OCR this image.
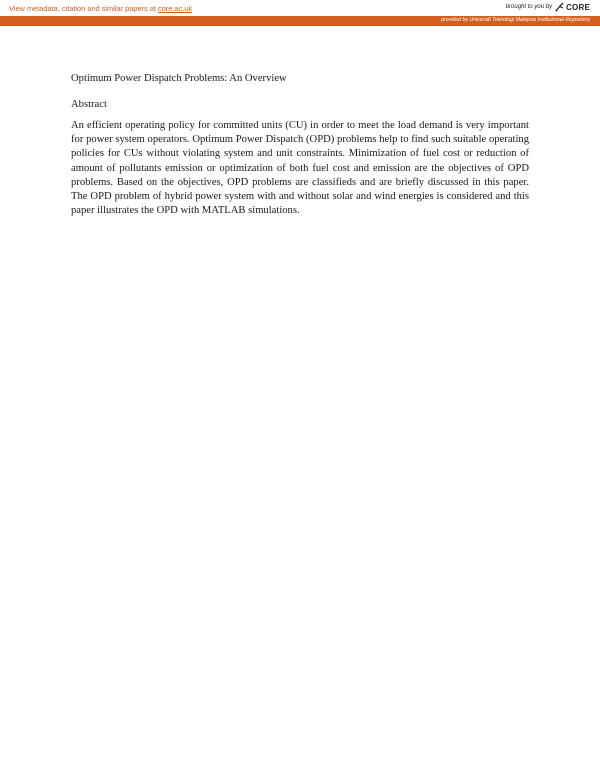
View metadata, citation and similar papers at core.ac.uk	brought to you by CORE
provided by Universiti Teknologi Malaysia Institutional Repository

Optimum Power Dispatch Problems: An Overview

Abstract

An efficient operating policy for committed units (CU) in order to meet the load demand is very important for power system operators. Optimum Power Dispatch (OPD) problems help to find such suitable operating policies for CUs without violating system and unit constraints. Minimization of fuel cost or reduction of amount of pollutants emission or optimization of both fuel cost and emission are the objectives of OPD problems. Based on the objectives, OPD problems are classifieds and are briefly discussed in this paper. The OPD problem of hybrid power system with and without solar and wind energies is considered and this paper illustrates the OPD with MATLAB simulations.
